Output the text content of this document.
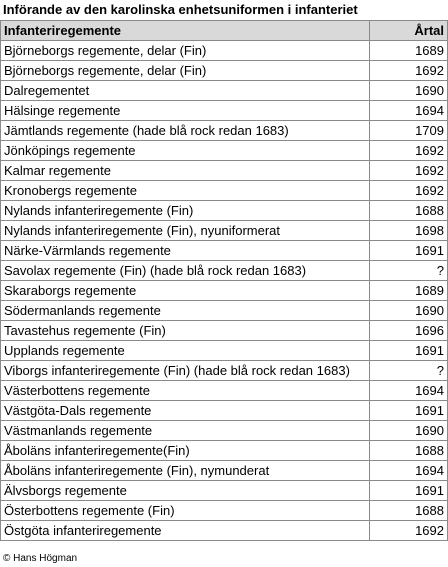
Införande av den karolinska enhetsuniformen i infanteriet
Infanteriregemente	Årtal
Björneborgs regemente, delar (Fin)	1689
Björneborgs regemente, delar (Fin)	1692
Dalregementet	1690
Hälsinge regemente	1694
Jämtlands regemente (hade blå rock redan 1683)	1709
Jönköpings regemente	1692
Kalmar regemente	1692
Kronobergs regemente	1692
Nylands infanteriregemente (Fin)	1688
Nylands infanteriregemente (Fin), nyuniformerat	1698
Närke-Värmlands regemente	1691
Savolax regemente (Fin) (hade blå rock redan 1683)	?
Skaraborgs regemente	1689
Södermanlands regemente	1690
Tavastehus regemente (Fin)	1696
Upplands regemente	1691
Viborgs infanteriregemente (Fin) (hade blå rock redan 1683)	?
Västerbottens regemente	1694
Västgöta-Dals regemente	1691
Västmanlands regemente	1690
Åboläns infanteriregemente(Fin)	1688
Åboläns infanteriregemente (Fin), nymunderat	1694
Älvsborgs regemente	1691
Österbottens regemente (Fin)	1688
Östgöta infanteriregemente	1692
© Hans Högman
